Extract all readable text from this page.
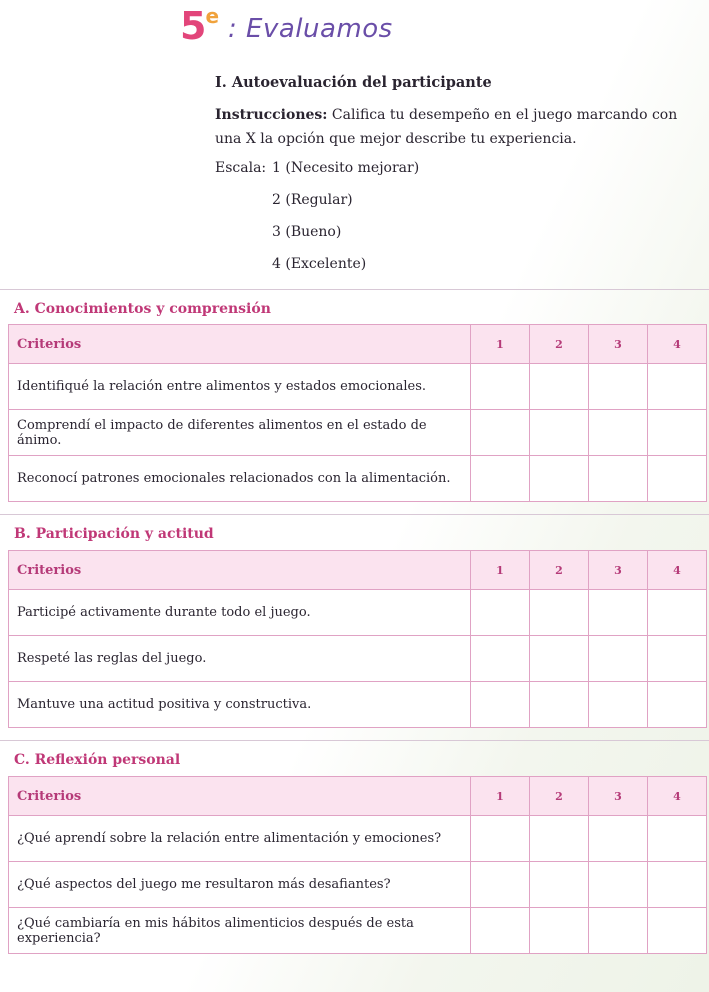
5e : Evaluamos
I. Autoevaluación del participante
Instrucciones: Califica tu desempeño en el juego marcando con una X la opción que mejor describe tu experiencia.
Escala: 1 (Necesito mejorar)
2 (Regular)
3 (Bueno)
4 (Excelente)
A. Conocimientos y comprensión
Criterios	1	2	3	4
Identifiqué la relación entre alimentos y estados emocionales.				
Comprendí el impacto de diferentes alimentos en el estado de ánimo.				
Reconocí patrones emocionales relacionados con la alimentación.				
B. Participación y actitud
Criterios	1	2	3	4
Participé activamente durante todo el juego.				
Respeté las reglas del juego.				
Mantuve una actitud positiva y constructiva.				
C. Reflexión personal
Criterios	1	2	3	4
¿Qué aprendí sobre la relación entre alimentación y emociones?				
¿Qué aspectos del juego me resultaron más desafiantes?				
¿Qué cambiaría en mis hábitos alimenticios después de esta experiencia?				
